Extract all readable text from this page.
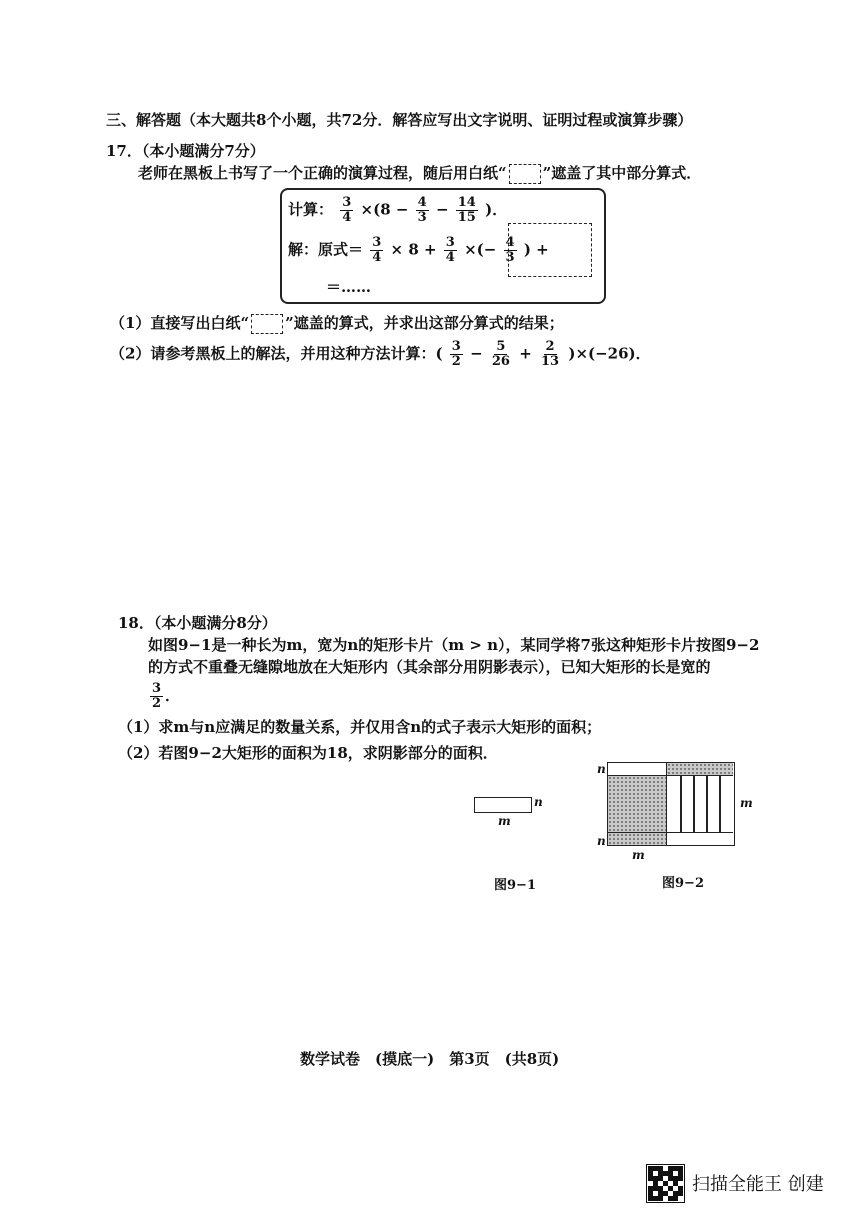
三、解答题（本大题共8个小题，共72分．解答应写出文字说明、证明过程或演算步骤）
17．（本小题满分7分）
老师在黑板上书写了一个正确的演算过程，随后用白纸“ ”遮盖了其中部分算式．
计算： $\frac{3}{4} \times(8 - \frac{4}{3} - \frac{14}{15}$ )．
解：原式＝ $\frac{3}{4} \times 8 + \frac{3}{4}$ ×(− $\frac{4}{3}$ ) +
＝……
（1）直接写出白纸“ ”遮盖的算式，并求出这部分算式的结果；
（2）请参考黑板上的解法，并用这种方法计算：( $\frac{3}{2} - \frac{5}{26} + \frac{2}{13} )\times(-26)$．
18．（本小题满分8分）
如图9−1是一种长为m，宽为n的矩形卡片（m > n），某同学将7张这种矩形卡片按图9−2
的方式不重叠无缝隙地放在大矩形内（其余部分用阴影表示），已知大矩形的长是宽的
$\frac{3}{2}$ ．
（1）求m与n应满足的数量关系，并仅用含n的式子表示大矩形的面积；
（2）若图9−2大矩形的面积为18，求阴影部分的面积．
n
m
图9−1
n
n
m
m
图9−2
数学试卷　(摸底一)　第3页　(共8页)
扫描全能王 创建
